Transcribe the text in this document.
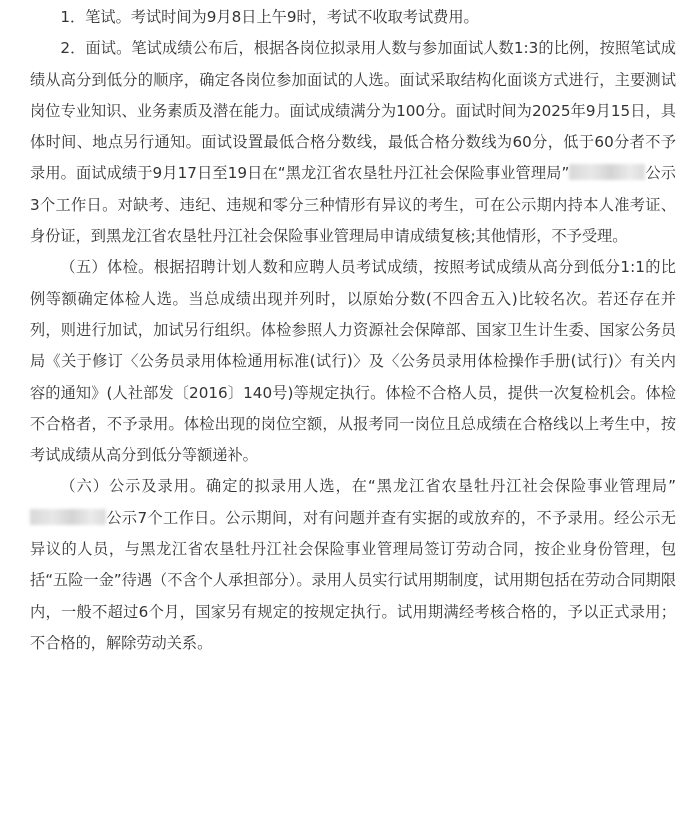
1．笔试。考试时间为9月8日上午9时，考试不收取考试费用。

2．面试。笔试成绩公布后，根据各岗位拟录用人数与参加面试人数1:3的比例，按照笔试成绩从高分到低分的顺序，确定各岗位参加面试的人选。面试采取结构化面谈方式进行，主要测试岗位专业知识、业务素质及潜在能力。面试成绩满分为100分。面试时间为2025年9月15日，具体时间、地点另行通知。面试设置最低合格分数线，最低合格分数线为60分，低于60分者不予录用。面试成绩于9月17日至19日在“黑龙江省农垦牡丹江社会保险事业管理局”	公示3个工作日。对缺考、违纪、违规和零分三种情形有异议的考生，可在公示期内持本人准考证、身份证，到黑龙江省农垦牡丹江社会保险事业管理局申请成绩复核;其他情形，不予受理。

（五）体检。根据招聘计划人数和应聘人员考试成绩，按照考试成绩从高分到低分1:1的比例等额确定体检人选。当总成绩出现并列时，以原始分数(不四舍五入)比较名次。若还存在并列，则进行加试，加试另行组织。体检参照人力资源社会保障部、国家卫生计生委、国家公务员局《关于修订〈公务员录用体检通用标准(试行)〉及〈公务员录用体检操作手册(试行)〉有关内容的通知》(人社部发〔2016〕140号)等规定执行。体检不合格人员，提供一次复检机会。体检不合格者，不予录用。体检出现的岗位空额，从报考同一岗位且总成绩在合格线以上考生中，按考试成绩从高分到低分等额递补。

（六）公示及录用。确定的拟录用人选，在“黑龙江省农垦牡丹江社会保险事业管理局”公示7个工作日。公示期间，对有问题并查有实据的或放弃的，不予录用。经公示无异议的人员，与黑龙江省农垦牡丹江社会保险事业管理局签订劳动合同，按企业身份管理，包括“五险一金”待遇（不含个人承担部分）。录用人员实行试用期制度，试用期包括在劳动合同期限内，一般不超过6个月，国家另有规定的按规定执行。试用期满经考核合格的，予以正式录用；不合格的，解除劳动关系。
